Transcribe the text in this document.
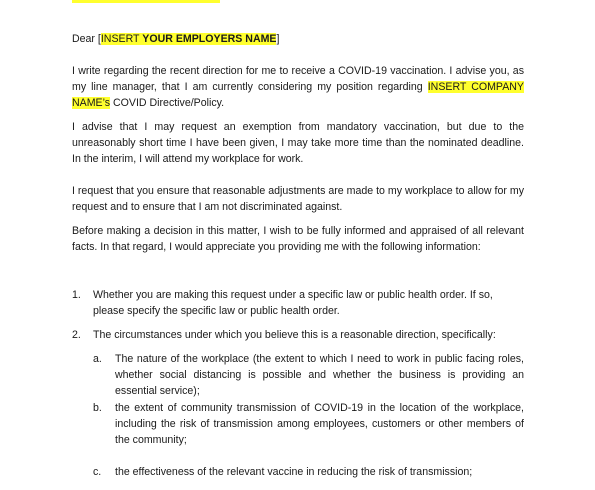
Dear [INSERT YOUR EMPLOYERS NAME]

I write regarding the recent direction for me to receive a COVID-19 vaccination. I advise you, as my line manager, that I am currently considering my position regarding INSERT COMPANY NAME’s COVID Directive/Policy.

I advise that I may request an exemption from mandatory vaccination, but due to the unreasonably short time I have been given, I may take more time than the nominated deadline. In the interim, I will attend my workplace for work.

I request that you ensure that reasonable adjustments are made to my workplace to allow for my request and to ensure that I am not discriminated against.

Before making a decision in this matter, I wish to be fully informed and appraised of all relevant facts. In that regard, I would appreciate you providing me with the following information:

1. Whether you are making this request under a specific law or public health order. If so, please specify the specific law or public health order.

2. The circumstances under which you believe this is a reasonable direction, specifically:

a. The nature of the workplace (the extent to which I need to work in public facing roles, whether social distancing is possible and whether the business is providing an essential service);

b. the extent of community transmission of COVID-19 in the location of the workplace, including the risk of transmission among employees, customers or other members of the community;

c. the effectiveness of the relevant vaccine in reducing the risk of transmission;
